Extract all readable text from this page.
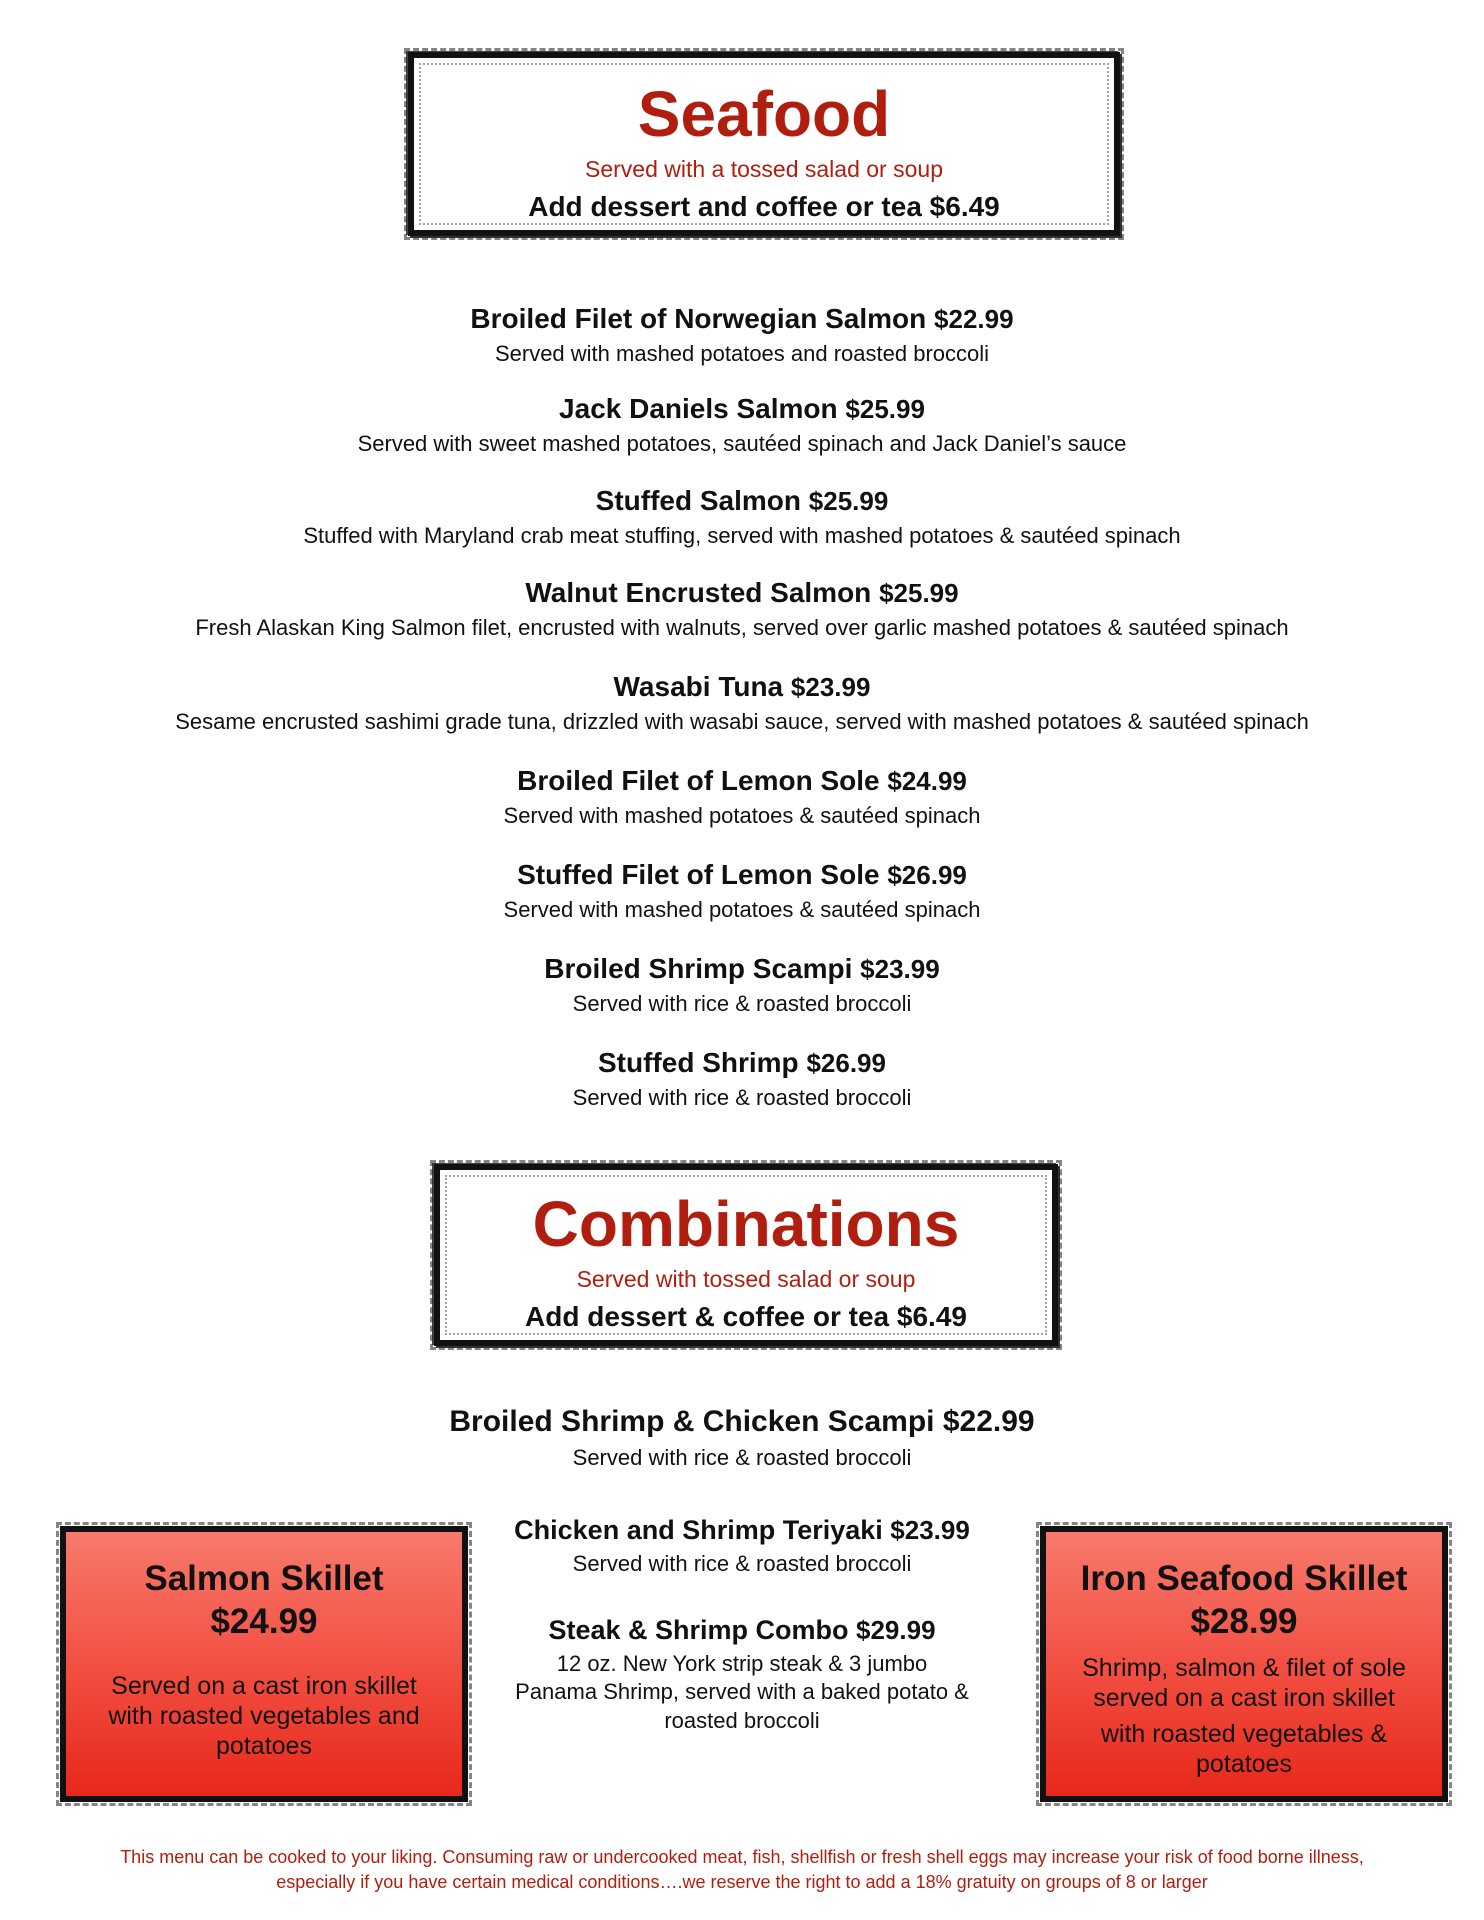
Seafood
Served with a tossed salad or soup
Add dessert and coffee or tea $6.49
Broiled Filet of Norwegian Salmon $22.99
Served with mashed potatoes and roasted broccoli
Jack Daniels Salmon $25.99
Served with sweet mashed potatoes, sautéed spinach and Jack Daniel’s sauce
Stuffed Salmon $25.99
Stuffed with Maryland crab meat stuffing, served with mashed potatoes & sautéed spinach
Walnut Encrusted Salmon $25.99
Fresh Alaskan King Salmon filet, encrusted with walnuts, served over garlic mashed potatoes & sautéed spinach
Wasabi Tuna $23.99
Sesame encrusted sashimi grade tuna, drizzled with wasabi sauce, served with mashed potatoes & sautéed spinach
Broiled Filet of Lemon Sole $24.99
Served with mashed potatoes & sautéed spinach
Stuffed Filet of Lemon Sole $26.99
Served with mashed potatoes & sautéed spinach
Broiled Shrimp Scampi $23.99
Served with rice & roasted broccoli
Stuffed Shrimp $26.99
Served with rice & roasted broccoli
Combinations
Served with tossed salad or soup
Add dessert & coffee or tea $6.49
Broiled Shrimp & Chicken Scampi $22.99
Served with rice & roasted broccoli
Salmon Skillet
$24.99
Served on a cast iron skillet
with roasted vegetables and
potatoes
Chicken and Shrimp Teriyaki $23.99
Served with rice & roasted broccoli
Steak & Shrimp Combo $29.99
12 oz. New York strip steak & 3 jumbo
Panama Shrimp, served with a baked potato &
roasted broccoli
Iron Seafood Skillet
$28.99
Shrimp, salmon & filet of sole
served on a cast iron skillet
with roasted vegetables &
potatoes
This menu can be cooked to your liking. Consuming raw or undercooked meat, fish, shellfish or fresh shell eggs may increase your risk of food borne illness,
especially if you have certain medical conditions….we reserve the right to add a 18% gratuity on groups of 8 or larger
